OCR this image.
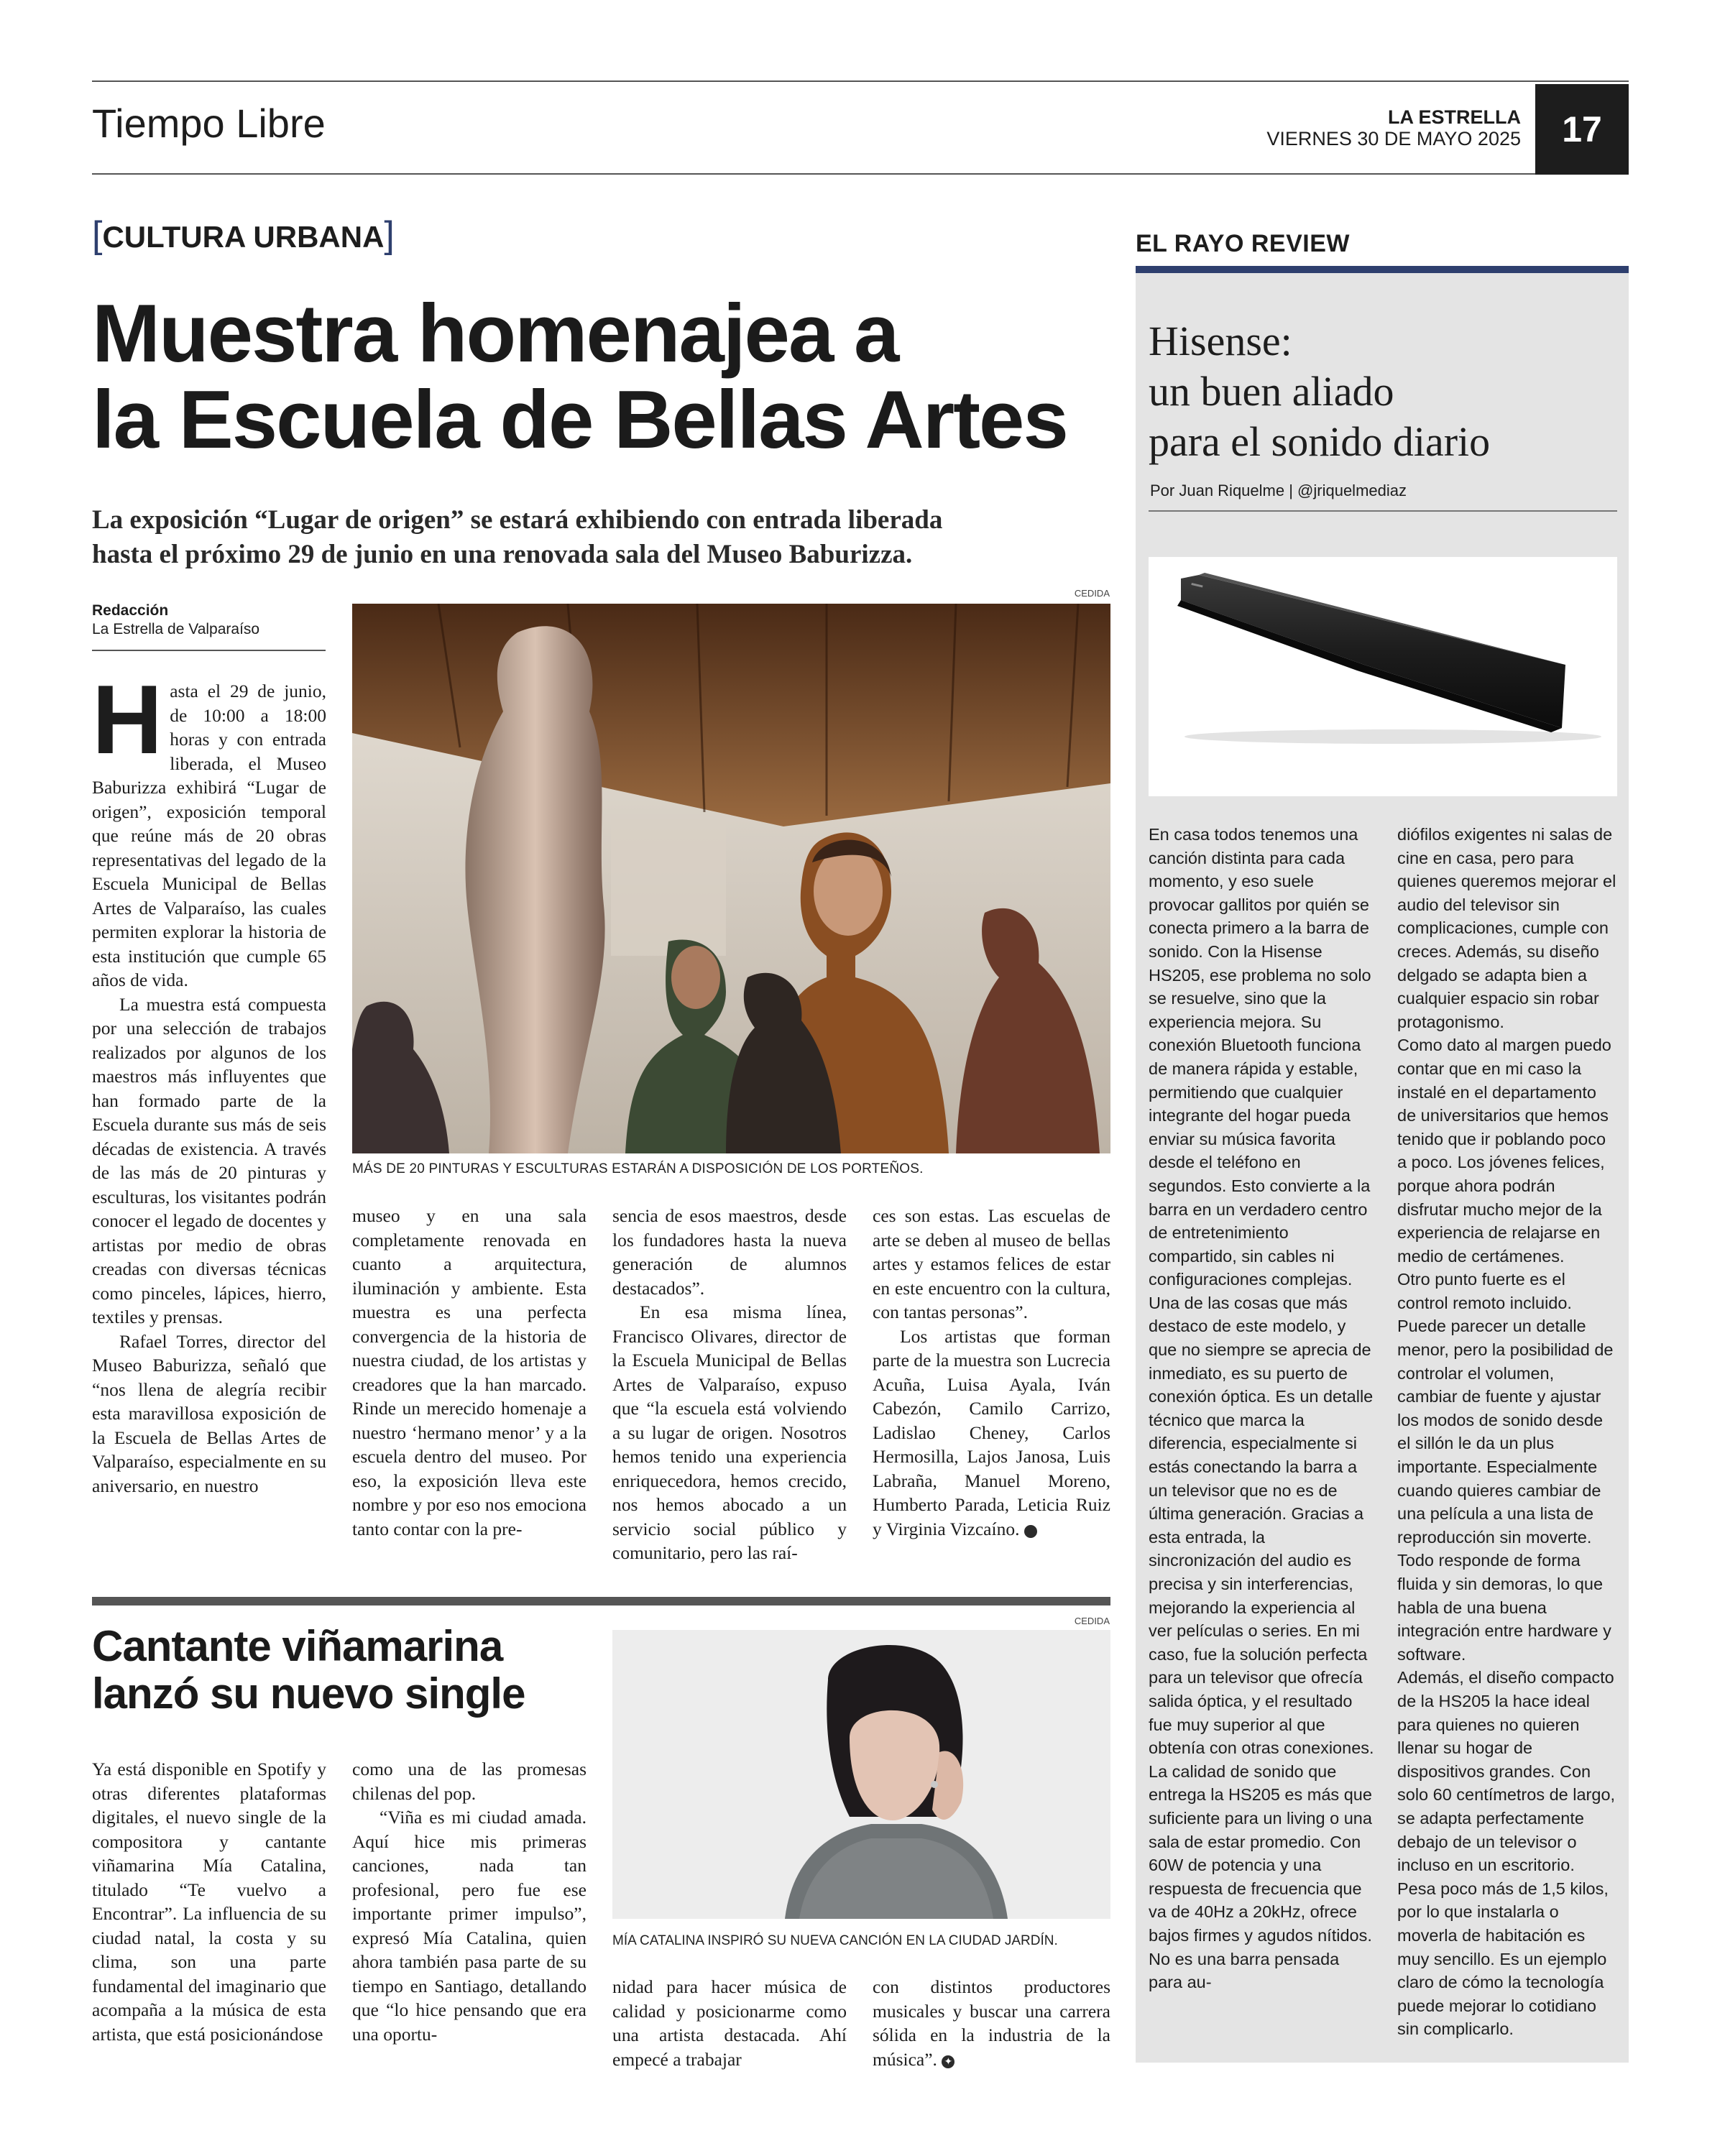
Tiempo Libre	LA ESTRELLA
VIERNES 30 DE MAYO 2025	17
[CULTURA URBANA]
Muestra homenajea a
la Escuela de Bellas Artes
La exposición “Lugar de origen” se estará exhibiendo con entrada liberada
hasta el próximo 29 de junio en una renovada sala del Museo Baburizza.
Redacción
La Estrella de Valparaíso
CEDIDA
MÁS DE 20 PINTURAS Y ESCULTURAS ESTARÁN A DISPOSICIÓN DE LOS PORTEÑOS.

Hasta el 29 de junio, de 10:00 a 18:00 horas y con entrada liberada, el Museo Baburizza exhibirá “Lugar de origen”, exposición temporal que reúne más de 20 obras representativas del legado de la Escuela Municipal de Bellas Artes de Valparaíso, las cuales permiten explorar la historia de esta institución que cumple 65 años de vida.

La muestra está compuesta por una selección de trabajos realizados por algunos de los maestros más influyentes que han formado parte de la Escuela durante sus más de seis décadas de existencia. A través de las más de 20 pinturas y esculturas, los visitantes podrán conocer el legado de docentes y artistas por medio de obras creadas con diversas técnicas como pinceles, lápices, hierro, textiles y prensas.

Rafael Torres, director del Museo Baburizza, señaló que “nos llena de alegría recibir esta maravillosa exposición de la Escuela de Bellas Artes de Valparaíso, especialmente en su aniversario, en nuestro

museo y en una sala completamente renovada en cuanto a arquitectura, iluminación y ambiente. Esta muestra es una perfecta convergencia de la historia de nuestra ciudad, de los artistas y creadores que la han marcado. Rinde un merecido homenaje a nuestro ‘hermano menor’ y a la escuela dentro del museo. Por eso, la exposición lleva este nombre y por eso nos emociona tanto contar con la pre-

sencia de esos maestros, desde los fundadores hasta la nueva generación de alumnos destacados”.

En esa misma línea, Francisco Olivares, director de la Escuela Municipal de Bellas Artes de Valparaíso, expuso que “la escuela está volviendo a su lugar de origen. Nosotros hemos tenido una experiencia enriquecedora, hemos crecido, nos hemos abocado a un servicio social público y comunitario, pero las raí-

ces son estas. Las escuelas de arte se deben al museo de bellas artes y estamos felices de estar en este encuentro con la cultura, con tantas personas”.

Los artistas que forman parte de la muestra son Lucrecia Acuña, Luisa Ayala, Iván Cabezón, Camilo Carrizo, Ladislao Cheney, Carlos Hermosilla, Lajos Janosa, Luis Labraña, Manuel Moreno, Humberto Parada, Leticia Ruiz y Virginia Vizcaíno.	✦

Cantante viñamarina
lanzó su nuevo single
CEDIDA
MÍA CATALINA INSPIRÓ SU NUEVA CANCIÓN EN LA CIUDAD JARDÍN.

Ya está disponible en Spotify y otras diferentes plataformas digitales, el nuevo single de la compositora y cantante viñamarina Mía Catalina, titulado “Te vuelvo a Encontrar”. La influencia de su ciudad natal, la costa y su clima, son una parte fundamental del imaginario que acompaña a la música de esta artista, que está posicionándose

como una de las promesas chilenas del pop.

“Viña es mi ciudad amada. Aquí hice mis primeras canciones, nada tan profesional, pero fue ese importante primer impulso”, expresó Mía Catalina, quien ahora también pasa parte de su tiempo en Santiago, detallando que “lo hice pensando que era una oportu-

nidad para hacer música de calidad y posicionarme como una artista destacada. Ahí empecé a trabajar

con distintos productores musicales y buscar una carrera sólida en la industria de la música”. ✦

EL RAYO REVIEW
Hisense:
un buen aliado
para el sonido diario
Por Juan Riquelme | @jriquelmediaz

En casa todos tenemos una canción distinta para cada momento, y eso suele provocar gallitos por quién se conecta primero a la barra de sonido. Con la Hisense HS205, ese problema no solo se resuelve, sino que la experiencia mejora. Su conexión Bluetooth funciona de manera rápida y estable, permitiendo que cualquier integrante del hogar pueda enviar su música favorita desde el teléfono en segundos. Esto convierte a la barra en un verdadero centro de entretenimiento compartido, sin cables ni configuraciones complejas.

Una de las cosas que más destaco de este modelo, y que no siempre se aprecia de inmediato, es su puerto de conexión óptica. Es un detalle técnico que marca la diferencia, especialmente si estás conectando la barra a un televisor que no es de última generación. Gracias a esta entrada, la sincronización del audio es precisa y sin interferencias, mejorando la experiencia al ver películas o series. En mi caso, fue la solución perfecta para un televisor que ofrecía salida óptica, y el resultado fue muy superior al que obtenía con otras conexiones.

La calidad de sonido que entrega la HS205 es más que suficiente para un living o una sala de estar promedio. Con 60W de potencia y una respuesta de frecuencia que va de 40Hz a 20kHz, ofrece bajos firmes y agudos nítidos. No es una barra pensada para au-

diófilos exigentes ni salas de cine en casa, pero para quienes queremos mejorar el audio del televisor sin complicaciones, cumple con creces. Además, su diseño delgado se adapta bien a cualquier espacio sin robar protagonismo.

Como dato al margen puedo contar que en mi caso la instalé en el departamento de universitarios que hemos tenido que ir poblando poco a poco. Los jóvenes felices, porque ahora podrán disfrutar mucho mejor de la experiencia de relajarse en medio de certámenes.

Otro punto fuerte es el control remoto incluido. Puede parecer un detalle menor, pero la posibilidad de controlar el volumen, cambiar de fuente y ajustar los modos de sonido desde el sillón le da un plus importante. Especialmente cuando quieres cambiar de una película a una lista de reproducción sin moverte. Todo responde de forma fluida y sin demoras, lo que habla de una buena integración entre hardware y software.

Además, el diseño compacto de la HS205 la hace ideal para quienes no quieren llenar su hogar de dispositivos grandes. Con solo 60 centímetros de largo, se adapta perfectamente debajo de un televisor o incluso en un escritorio. Pesa poco más de 1,5 kilos, por lo que instalarla o moverla de habitación es muy sencillo. Es un ejemplo claro de cómo la tecnología puede mejorar lo cotidiano sin complicarlo.
